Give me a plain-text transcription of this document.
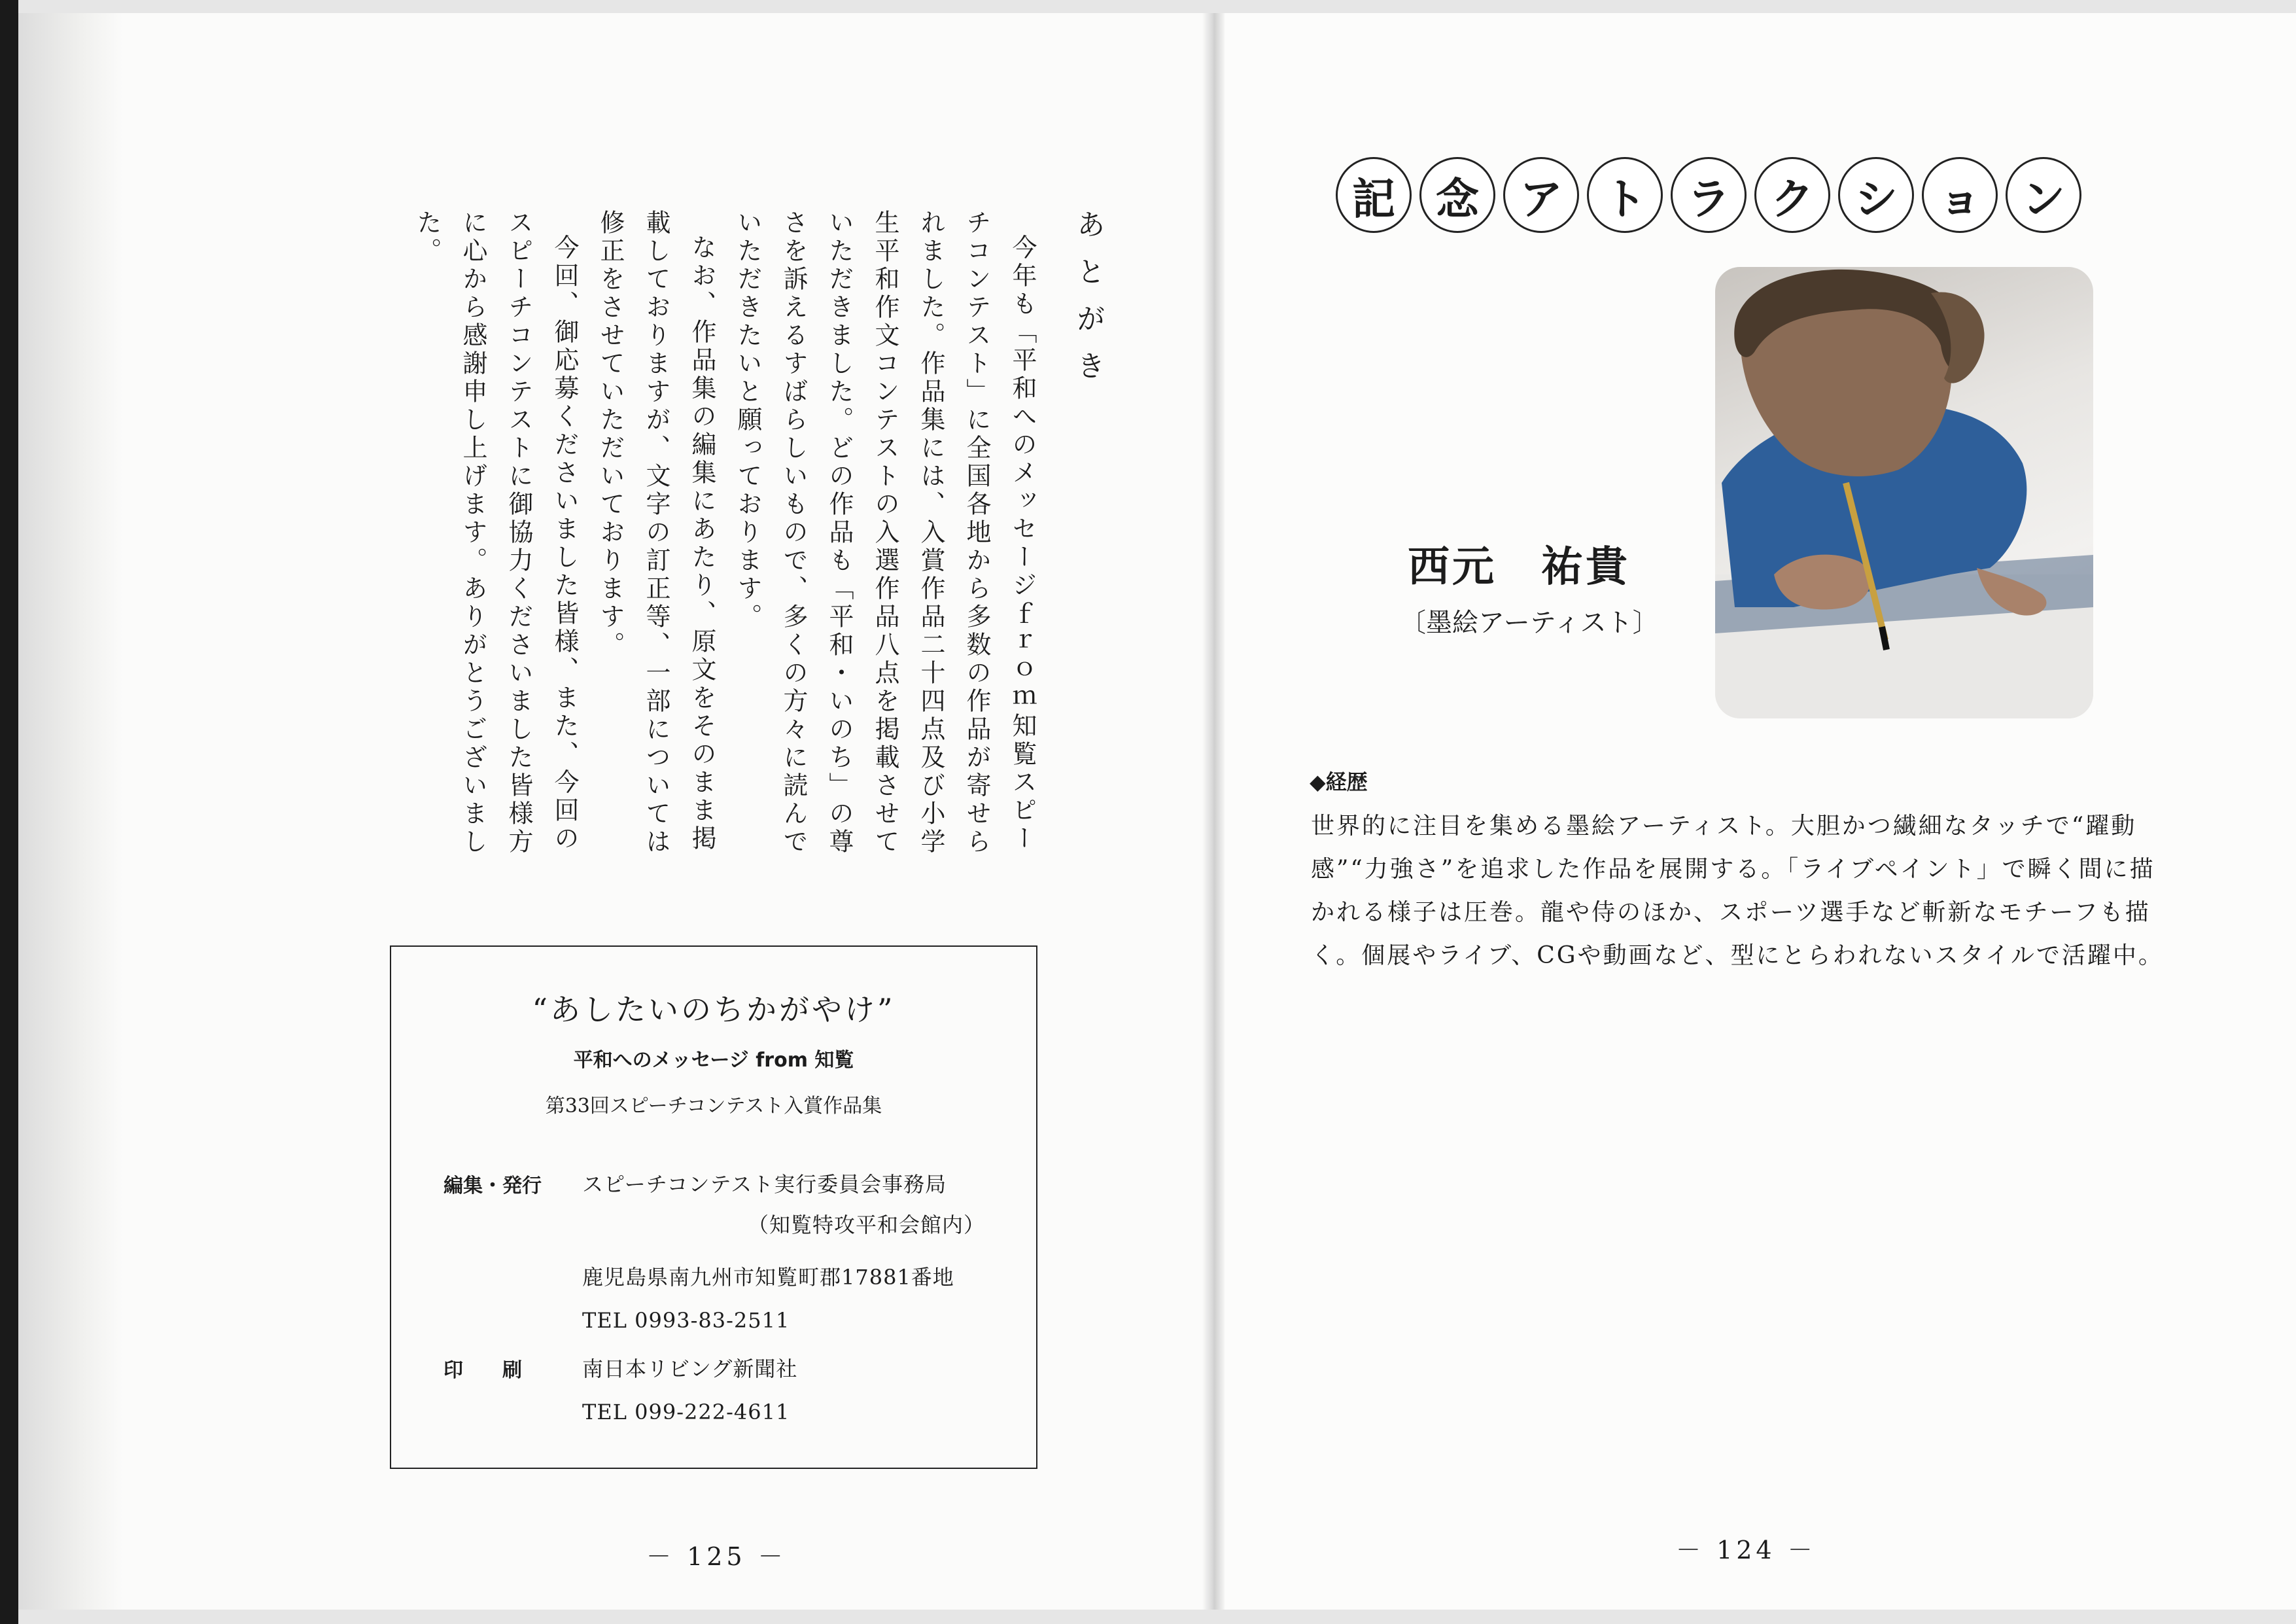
あとがき

今年も「平和へのメッセージｆｒｏｍ知覧スピーチコンテスト」に全国各地から多数の作品が寄せられました。作品集には、入賞作品二十四点及び小学生平和作文コンテストの入選作品八点を掲載させていただきました。どの作品も「平和・いのち」の尊さを訴えるすばらしいもので、多くの方々に読んでいただきたいと願っております。

なお、作品集の編集にあたり、原文をそのまま掲載しておりますが、文字の訂正等、一部については修正をさせていただいております。

今回、御応募くださいました皆様、また、今回のスピーチコンテストに御協力くださいました皆様方に心から感謝申し上げます。ありがとうございました。

“あしたいのちかがやけ”
平和へのメッセージ from 知覧
第33回スピーチコンテスト入賞作品集
編集・発行 スピーチコンテスト実行委員会事務局
（知覧特攻平和会館内）
鹿児島県南九州市知覧町郡17881番地
TEL 0993-83-2511
印　　刷	南日本リビング新聞社
TEL 099-222-4611
－ 125 －
記 念 ア ト ラ ク シ ョ ン
西元　祐貴
〔墨絵アーティスト〕
◆経歴
世界的に注目を集める墨絵アーティスト。大胆かつ繊細なタッチで“躍動
感”“力強さ”を追求した作品を展開する。「ライブペイント」で瞬く間に描
かれる様子は圧巻。龍や侍のほか、スポーツ選手など斬新なモチーフも描
く。個展やライブ、CGや動画など、型にとらわれないスタイルで活躍中。
－ 124 －
